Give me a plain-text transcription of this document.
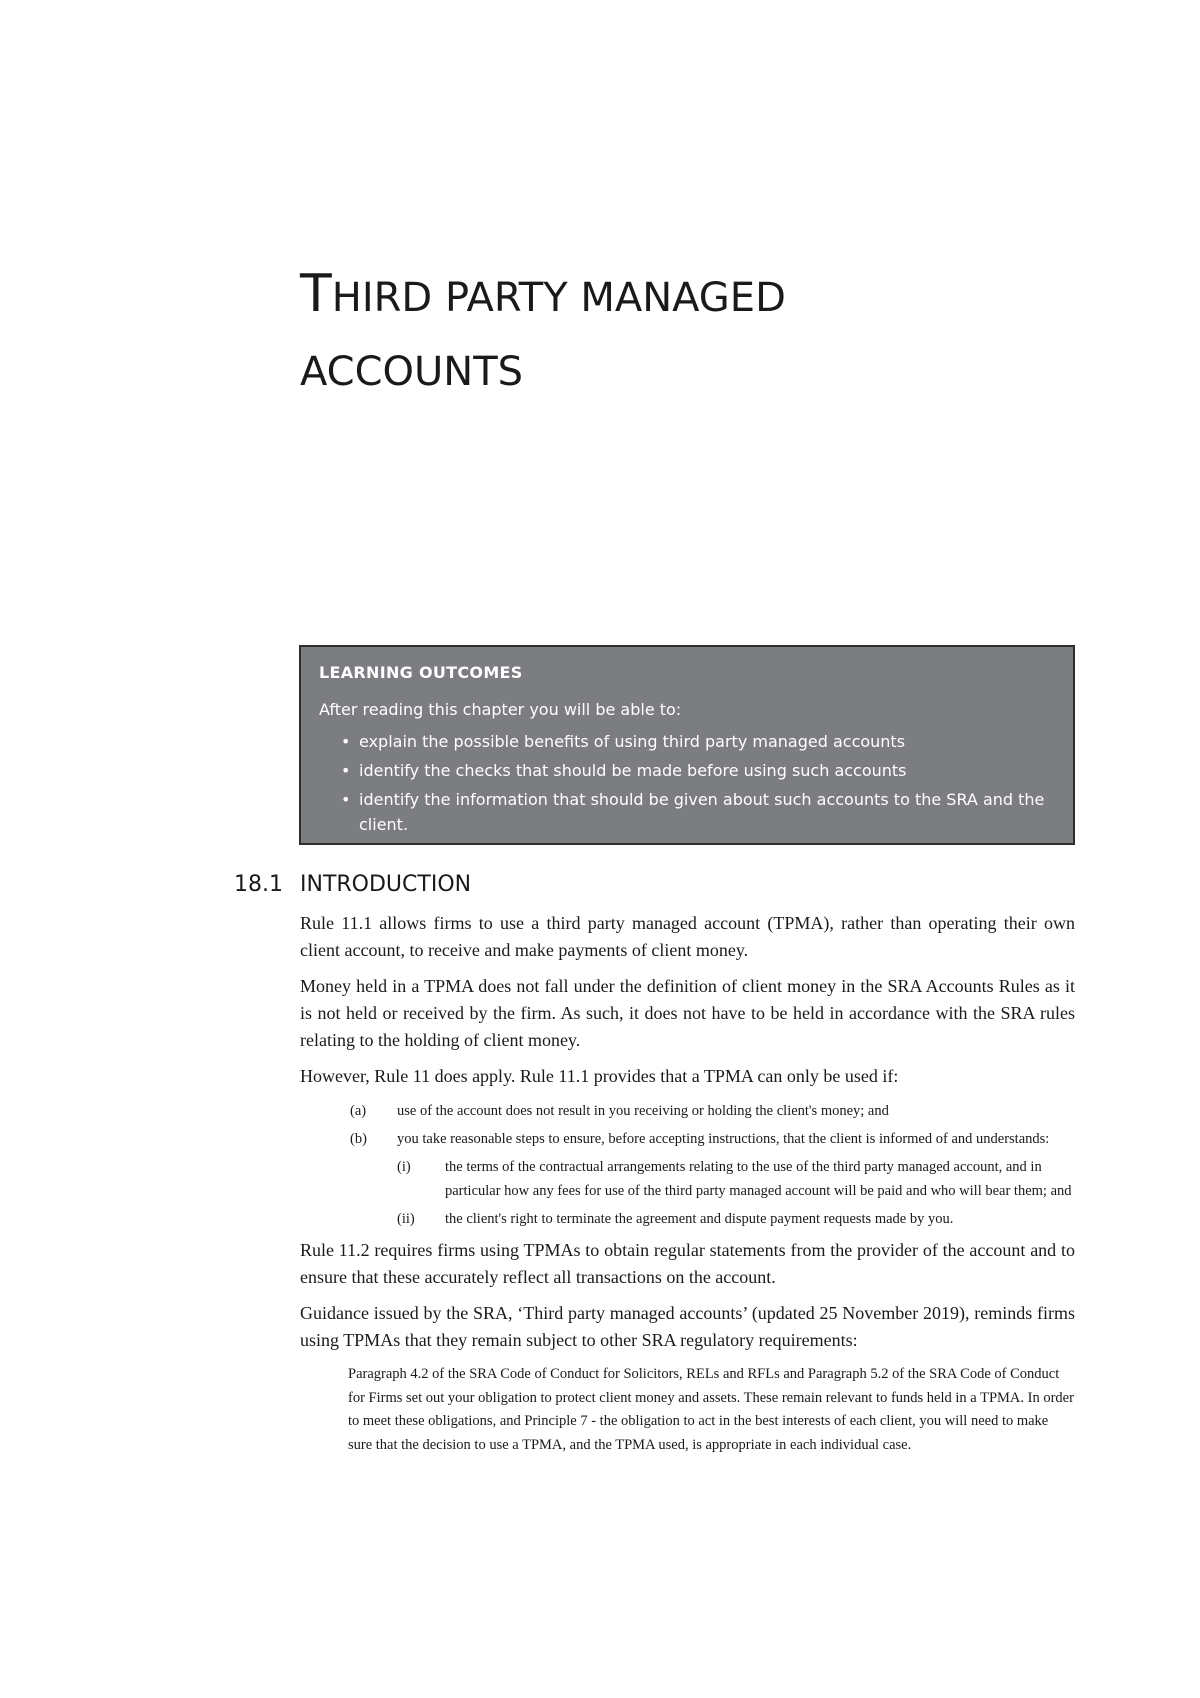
THIRD PARTY MANAGED
ACCOUNTS
LEARNING OUTCOMES
After reading this chapter you will be able to:
• explain the possible benefits of using third party managed accounts
• identify the checks that should be made before using such accounts
• identify the information that should be given about such accounts to the SRA and the client.
18.1 INTRODUCTION

Rule 11.1 allows firms to use a third party managed account (TPMA), rather than operating their own client account, to receive and make payments of client money.

Money held in a TPMA does not fall under the definition of client money in the SRA Accounts Rules as it is not held or received by the firm. As such, it does not have to be held in accordance with the SRA rules relating to the holding of client money.

However, Rule 11 does apply. Rule 11.1 provides that a TPMA can only be used if:

(a)	use of the account does not result in you receiving or holding the client's money; and
(b)	you take reasonable steps to ensure, before accepting instructions, that the client is informed of and understands:
(i)	the terms of the contractual arrangements relating to the use of the third party managed account, and in particular how any fees for use of the third party managed account will be paid and who will bear them; and
(ii)	the client's right to terminate the agreement and dispute payment requests made by you.

Rule 11.2 requires firms using TPMAs to obtain regular statements from the provider of the account and to ensure that these accurately reflect all transactions on the account.

Guidance issued by the SRA, ‘Third party managed accounts’ (updated 25 November 2019), reminds firms using TPMAs that they remain subject to other SRA regulatory requirements:

Paragraph 4.2 of the SRA Code of Conduct for Solicitors, RELs and RFLs and Paragraph 5.2 of the SRA Code of Conduct for Firms set out your obligation to protect client money and assets. These remain relevant to funds held in a TPMA. In order to meet these obligations, and Principle 7 - the obligation to act in the best interests of each client, you will need to make sure that the decision to use a TPMA, and the TPMA used, is appropriate in each individual case.
